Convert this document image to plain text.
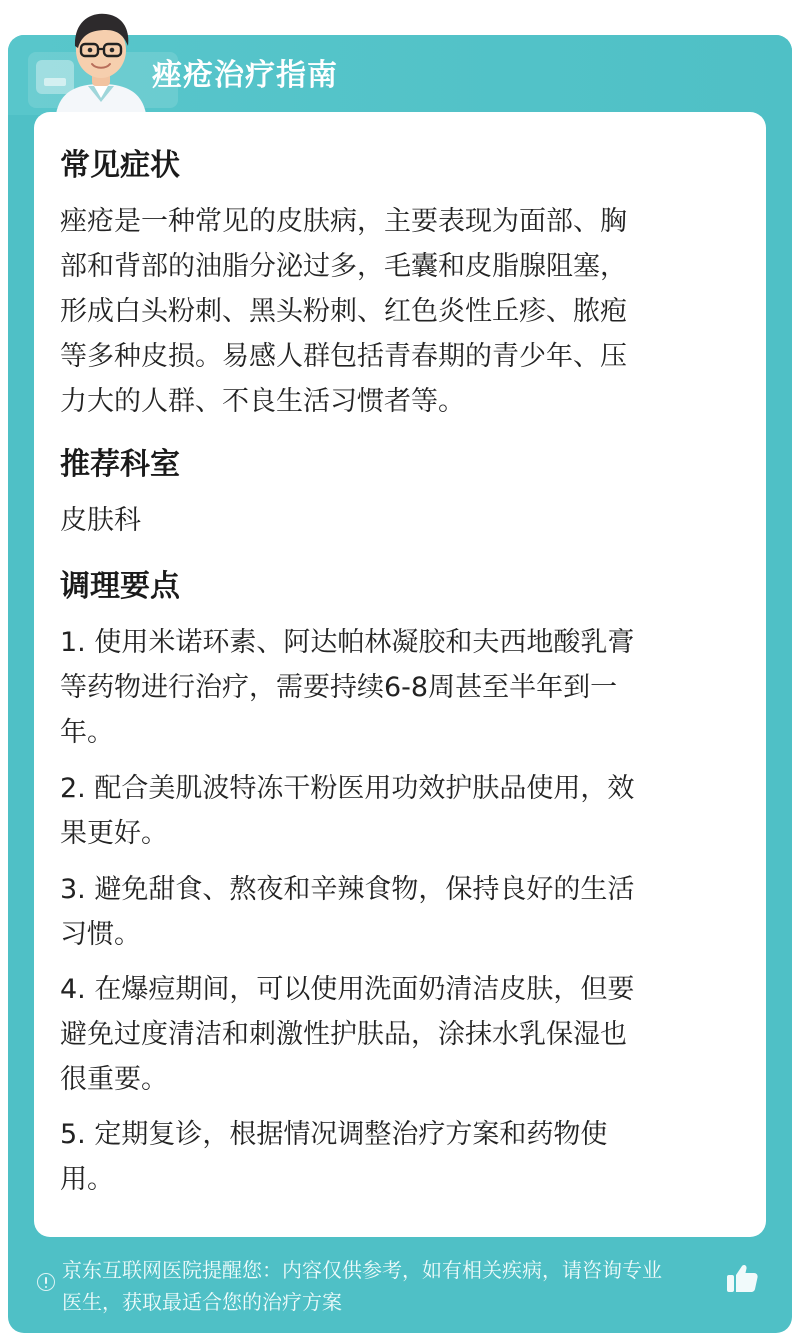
痤疮治疗指南
常见症状
痤疮是一种常见的皮肤病，主要表现为面部、胸
部和背部的油脂分泌过多，毛囊和皮脂腺阻塞，
形成白头粉刺、黑头粉刺、红色炎性丘疹、脓疱
等多种皮损。易感人群包括青春期的青少年、压
力大的人群、不良生活习惯者等。
推荐科室
皮肤科
调理要点
1. 使用米诺环素、阿达帕林凝胶和夫西地酸乳膏
等药物进行治疗，需要持续6-8周甚至半年到一
年。
2. 配合美肌波特冻干粉医用功效护肤品使用，效
果更好。
3. 避免甜食、熬夜和辛辣食物，保持良好的生活
习惯。
4. 在爆痘期间，可以使用洗面奶清洁皮肤，但要
避免过度清洁和刺激性护肤品，涂抹水乳保湿也
很重要。
5. 定期复诊，根据情况调整治疗方案和药物使
用。
京东互联网医院提醒您：内容仅供参考，如有相关疾病，请咨询专业
医生，获取最适合您的治疗方案
